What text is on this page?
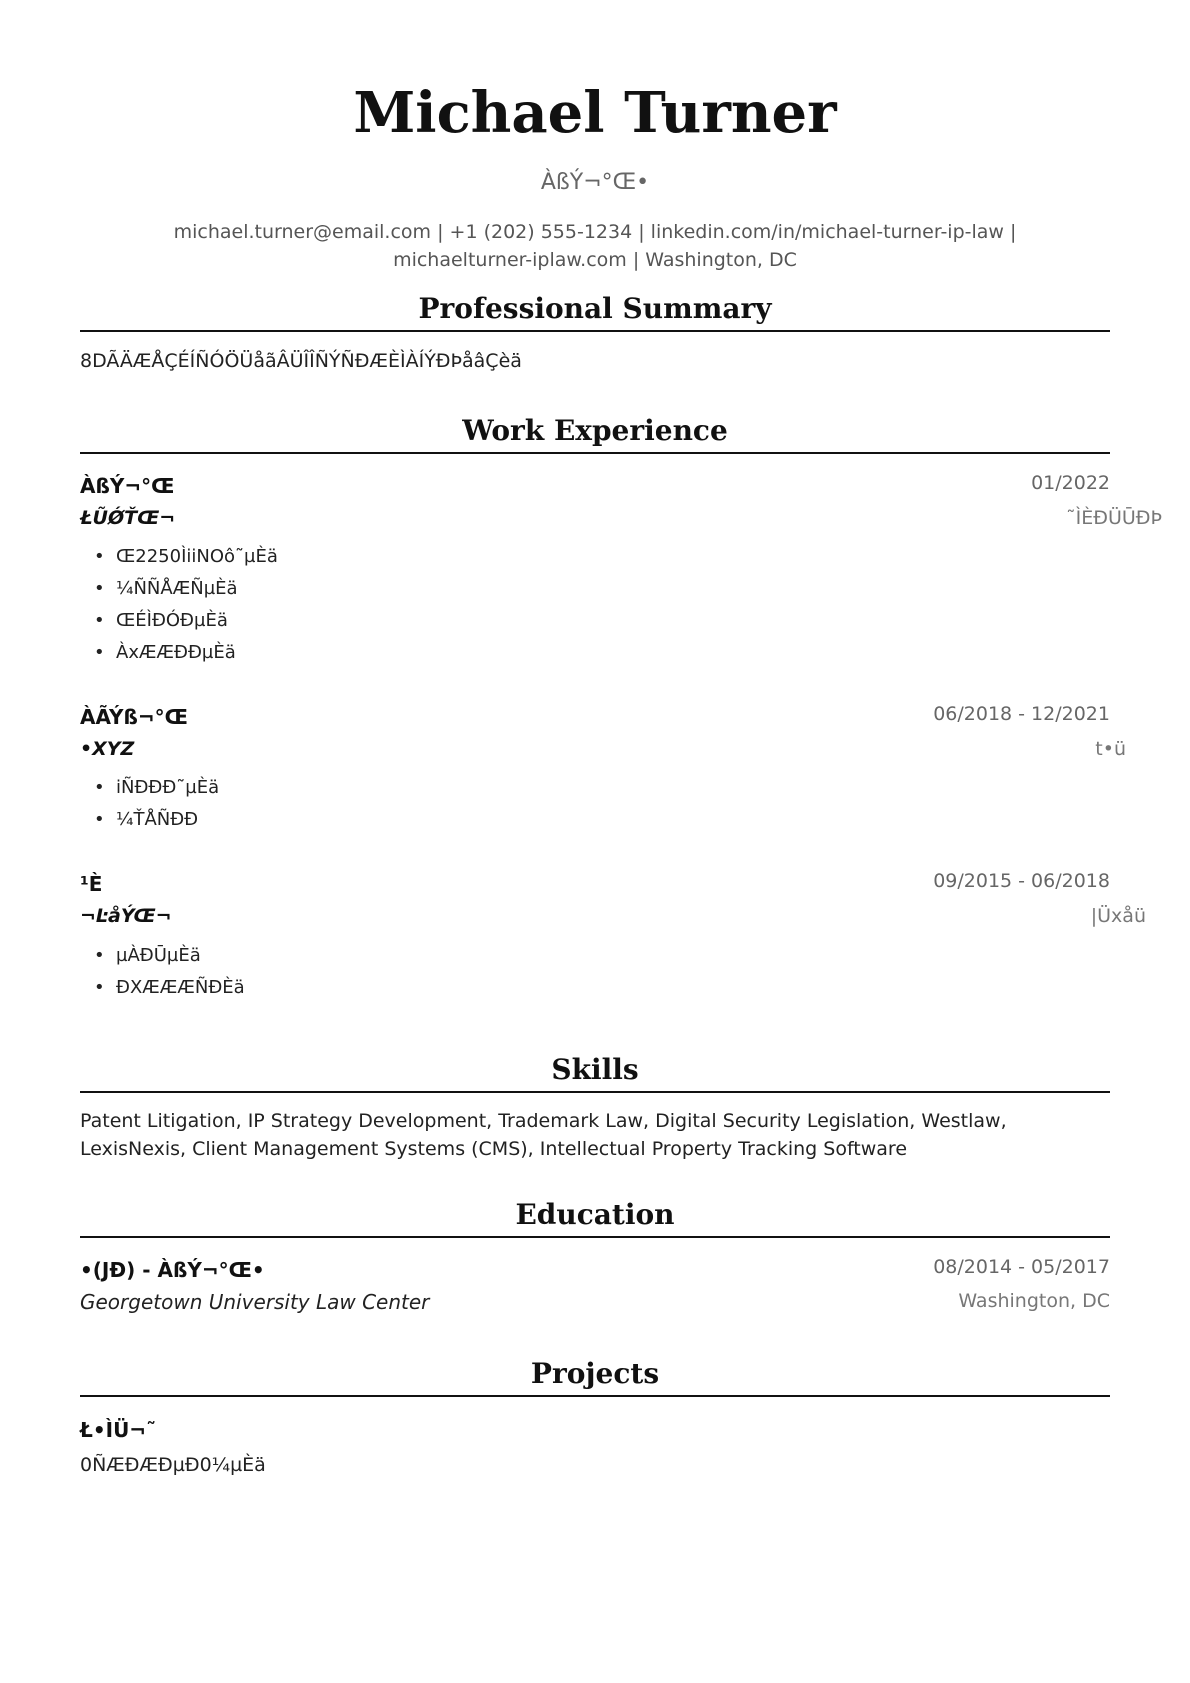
Michael Turner
ÀßÝ¬°Œ•
michael.turner@email.com | +1 (202) 555-1234 | linkedin.com/in/michael-turner-ip-law |
michaelturner-iplaw.com | Washington, DC
Professional Summary
8DÃÄÆÅÇÉÍÑÓÖÜåãÂÜÎÎÑÝÑÐÆÈÌÀÍÝÐÞåâÇèä
Work Experience
ÀßÝ¬°Œ	01/2022
ŁŨǾŤŒ¬	˜ÌÈÐÜŪÐÞ
• Œ2250ÌiiNOô˜µÈä
• ¼ÑÑÅÆÑµÈä
• ŒÉÌÐÓÐµÈä
• ÀxÆÆÐÐµÈä
ÀÃÝß¬°Œ	06/2018 - 12/2021
•XYZ	t•ü
• iÑÐÐÐ˜µÈä
• ¼ŤÅÑÐÐ
¹È	09/2015 - 06/2018
¬ĿåÝŒ¬	|Üxåü
• µÀÐŪµÈä
• ÐXÆÆÆÑÐÈä
Skills
Patent Litigation, IP Strategy Development, Trademark Law, Digital Security Legislation, Westlaw, LexisNexis, Client Management Systems (CMS), Intellectual Property Tracking Software
Education
•(JÐ) - ÀßÝ¬°Œ•	08/2014 - 05/2017
Georgetown University Law Center	Washington, DC
Projects
Ł•ÌÜ¬˜
0ÑÆÐÆÐµÐ0¼µÈä
